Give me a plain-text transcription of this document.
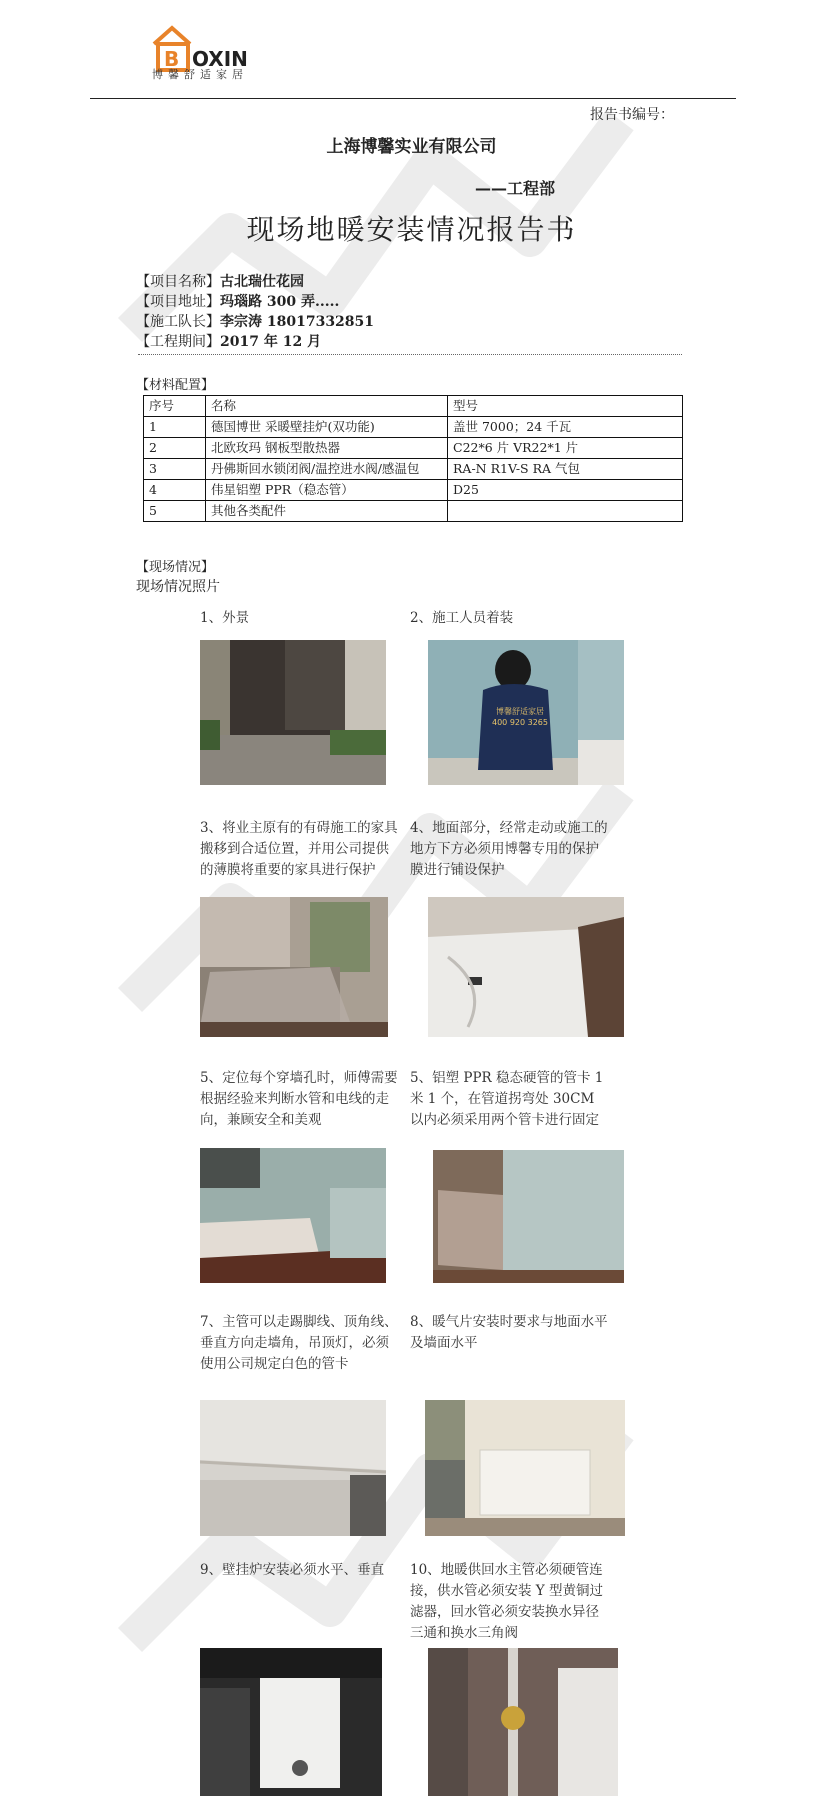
B OXIN
博馨舒适家居
报告书编号：
上海博馨实业有限公司
——工程部
现场地暖安装情况报告书
【项目名称】古北瑞仕花园
【项目地址】玛瑙路 300 弄.....
【施工队长】李宗涛 18017332851
【工程期间】2017 年 12 月
【材料配置】
序号	名称	型号
1	德国博世 采暖壁挂炉(双功能)	盖世 7000；24 千瓦
2	北欧玫玛 钢板型散热器	C22*6 片 VR22*1 片
3	丹佛斯回水锁闭阀/温控进水阀/感温包	RA-N R1V-S RA 气包
4	伟星铝塑 PPR（稳态管）	D25
5	其他各类配件	
【现场情况】
现场情况照片
1、外景	2、施工人员着装
博馨舒适家居 400 920 3265
3、将业主原有的有碍施工的家具搬移到合适位置，并用公司提供的薄膜将重要的家具进行保护
4、地面部分，经常走动或施工的地方下方必须用博馨专用的保护膜进行铺设保护
5、定位每个穿墙孔时，师傅需要根据经验来判断水管和电线的走向，兼顾安全和美观
5、铝塑 PPR 稳态硬管的管卡 1米 1 个，在管道拐弯处 30CM 以内必须采用两个管卡进行固定
7、主管可以走踢脚线、顶角线、垂直方向走墙角，吊顶灯，必须使用公司规定白色的管卡
8、暖气片安装时要求与地面水平及墙面水平
9、壁挂炉安装必须水平、垂直	10、地暖供回水主管必须硬管连接，供水管必须安装 Y 型黄铜过滤器，回水管必须安装换水异径三通和换水三角阀
